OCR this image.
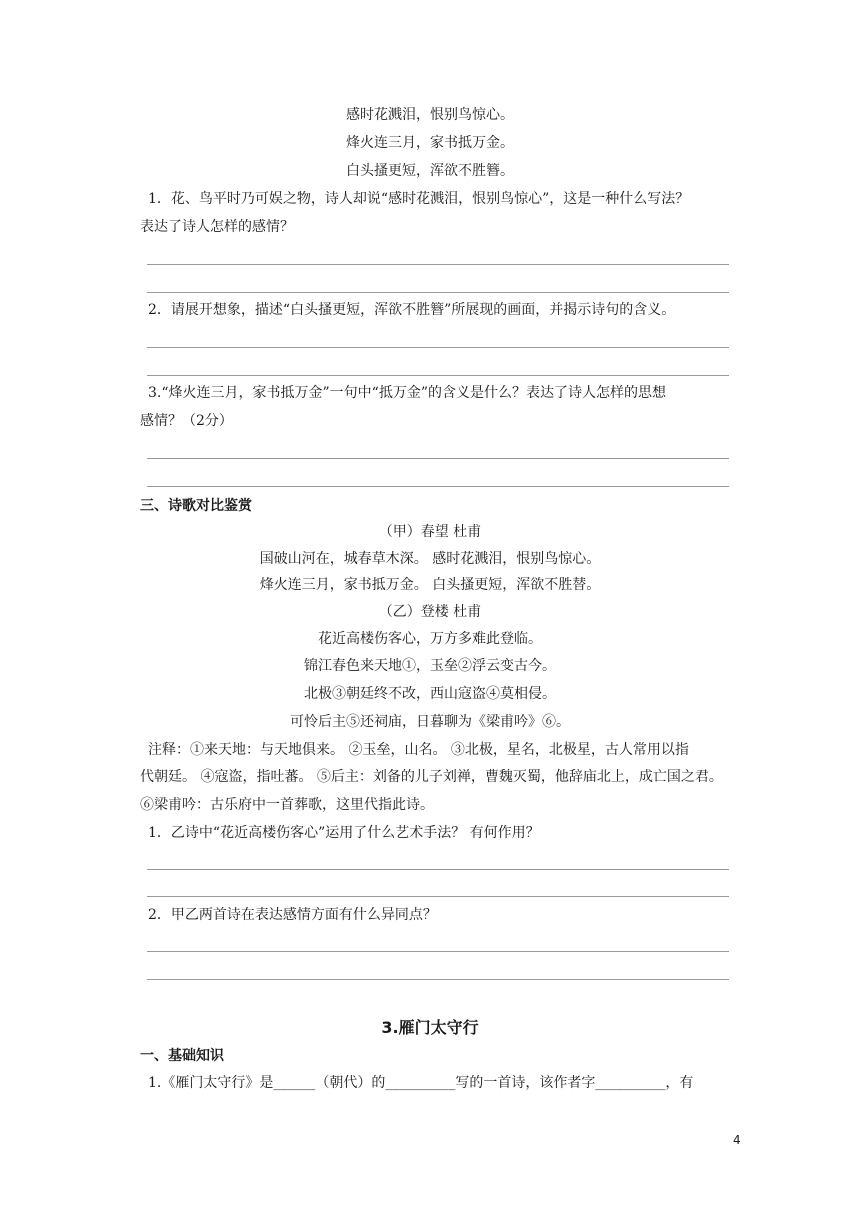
感时花溅泪，恨别鸟惊心。
烽火连三月，家书抵万金。
白头搔更短，浑欲不胜簪。
1．花、鸟平时乃可娱之物，诗人却说“感时花溅泪，恨别鸟惊心”，这是一种什么写法？
表达了诗人怎样的感情？
2．请展开想象，描述“白头搔更短，浑欲不胜簪”所展现的画面，并揭示诗句的含义。
3.“烽火连三月，家书抵万金”一句中“抵万金”的含义是什么？表达了诗人怎样的思想
感情？（2分）
三、诗歌对比鉴赏
（甲）春望 杜甫
国破山河在，城春草木深。 感时花溅泪，恨别鸟惊心。
烽火连三月，家书抵万金。 白头搔更短，浑欲不胜替。
（乙）登楼 杜甫
花近高楼伤客心，万方多难此登临。
锦江春色来天地①，玉垒②浮云变古今。
北极③朝廷终不改，西山寇盗④莫相侵。
可怜后主⑤还祠庙，日暮聊为《梁甫吟》⑥。
注释：①来天地：与天地俱来。 ②玉垒，山名。 ③北极，星名，北极星，古人常用以指
代朝廷。 ④寇盗，指吐蕃。 ⑤后主：刘备的儿子刘禅，曹魏灭蜀，他辞庙北上，成亡国之君。
⑥梁甫吟：古乐府中一首葬歌，这里代指此诗。
1．乙诗中“花近高楼伤客心”运用了什么艺术手法？ 有何作用？
2．甲乙两首诗在表达感情方面有什么异同点？
3.雁门太守行
一、基础知识
1.《雁门太守行》是______（朝代）的__________写的一首诗，该作者字__________，有
4
